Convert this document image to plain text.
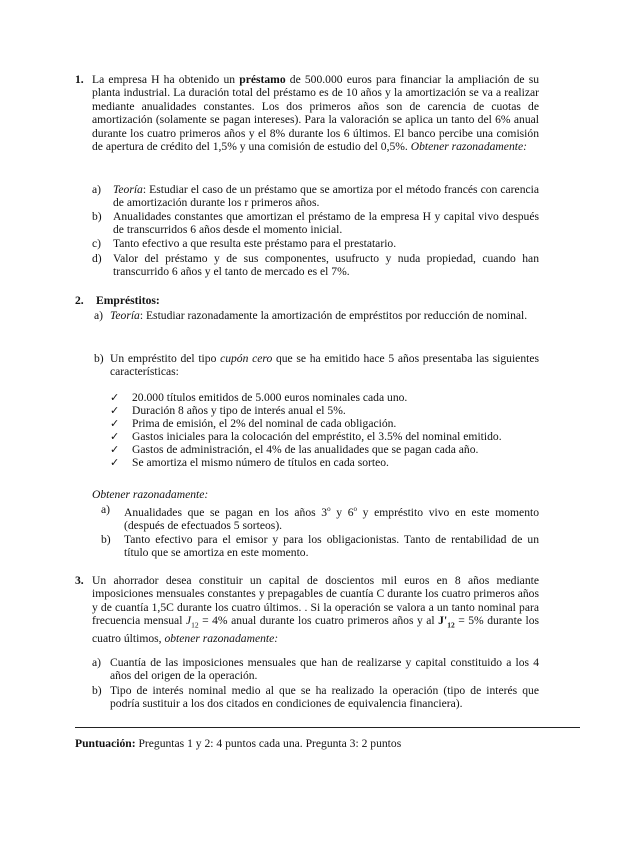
1. La empresa H ha obtenido un préstamo de 500.000 euros para financiar la ampliación de su planta industrial. La duración total del préstamo es de 10 años y la amortización se va a realizar mediante anualidades constantes. Los dos primeros años son de carencia de cuotas de amortización (solamente se pagan intereses). Para la valoración se aplica un tanto del 6% anual durante los cuatro primeros años y el 8% durante los 6 últimos. El banco percibe una comisión de apertura de crédito del 1,5% y una comisión de estudio del 0,5%. Obtener razonadamente:
a) Teoría: Estudiar el caso de un préstamo que se amortiza por el método francés con carencia de amortización durante los r primeros años.
b) Anualidades constantes que amortizan el préstamo de la empresa H y capital vivo después de transcurridos 6 años desde el momento inicial.
c) Tanto efectivo a que resulta este préstamo para el prestatario.
d) Valor del préstamo y de sus componentes, usufructo y nuda propiedad, cuando han transcurrido 6 años y el tanto de mercado es el 7%.
2. Empréstitos:
a) Teoría: Estudiar razonadamente la amortización de empréstitos por reducción de nominal.
b) Un empréstito del tipo cupón cero que se ha emitido hace 5 años presentaba las siguientes características:
✓ 20.000 títulos emitidos de 5.000 euros nominales cada uno.
✓ Duración 8 años y tipo de interés anual el 5%.
✓ Prima de emisión, el 2% del nominal de cada obligación.
✓ Gastos iniciales para la colocación del empréstito, el 3.5% del nominal emitido.
✓ Gastos de administración, el 4% de las anualidades que se pagan cada año.
✓ Se amortiza el mismo número de títulos en cada sorteo.
Obtener razonadamente:
a) Anualidades que se pagan en los años 3$^o$ y 6$^o$ y empréstito vivo en este momento (después de efectuados 5 sorteos).
b) Tanto efectivo para el emisor y para los obligacionistas. Tanto de rentabilidad de un título que se amortiza en este momento.
3. Un ahorrador desea constituir un capital de doscientos mil euros en 8 años mediante imposiciones mensuales constantes y prepagables de cuantía C durante los cuatro primeros años y de cuantía 1,5C durante los cuatro últimos. . Si la operación se valora a un tanto nominal para frecuencia mensual $J_{12} = 4\%$ anual durante los cuatro primeros años y al $J'_{12} = 5\%$ durante los cuatro últimos, obtener razonadamente:
a) Cuantía de las imposiciones mensuales que han de realizarse y capital constituido a los 4 años del origen de la operación.
b) Tipo de interés nominal medio al que se ha realizado la operación (tipo de interés que podría sustituir a los dos citados en condiciones de equivalencia financiera).
Puntuación: Preguntas 1 y 2: 4 puntos cada una. Pregunta 3: 2 puntos
